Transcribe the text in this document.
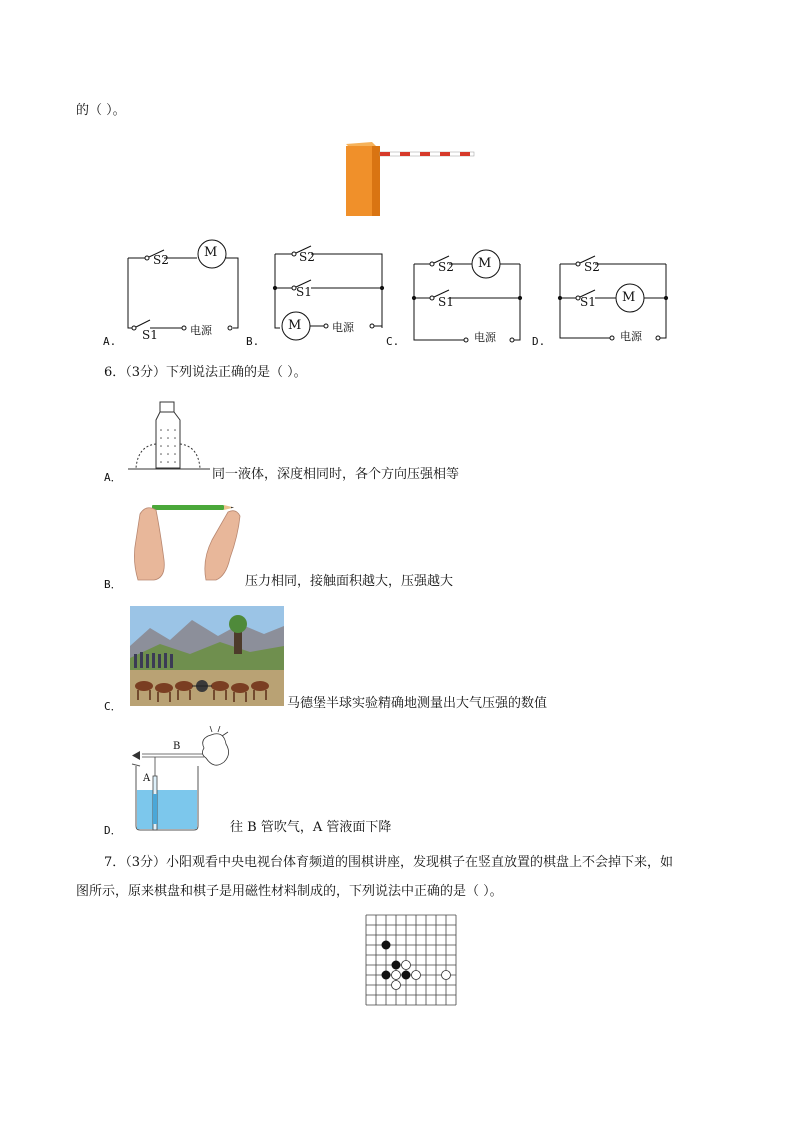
的（ ）。
A.
M
S2
S1	电源
B.
S2
S1
M	电源
C.
S2 M
S1
电源	D.
S2
S1 M
电源
6．（3分）下列说法正确的是（ ）。
A．	同一液体，深度相同时，各个方向压强相等
B．	压力相同，接触面积越大，压强越大
C．	马德堡半球实验精确地测量出大气压强的数值
B
A
D．	往 B 管吹气，A 管液面下降
7．（3分）小阳观看中央电视台体育频道的围棋讲座，发现棋子在竖直放置的棋盘上不会掉下来，如
图所示，原来棋盘和棋子是用磁性材料制成的，下列说法中正确的是（ ）。
